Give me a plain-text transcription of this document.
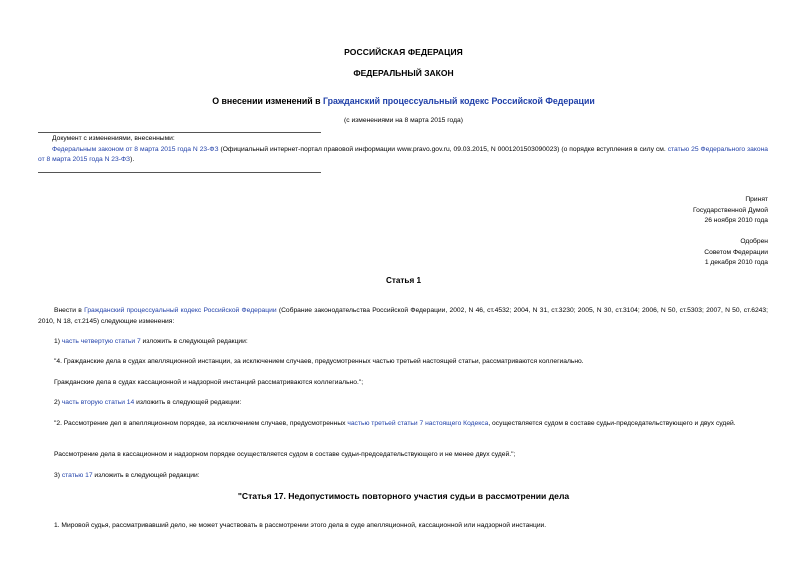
РОССИЙСКАЯ ФЕДЕРАЦИЯ
ФЕДЕРАЛЬНЫЙ ЗАКОН
О внесении изменений в Гражданский процессуальный кодекс Российской Федерации
(с изменениями на 8 марта 2015 года)
Документ с изменениями, внесенными:
Федеральным законом от 8 марта 2015 года N 23-ФЗ (Официальный интернет-портал правовой информации www.pravo.gov.ru, 09.03.2015, N 0001201503090023) (о порядке вступления в силу см. статью 25 Федерального закона от 8 марта 2015 года N 23-ФЗ).
Принят
Государственной Думой
26 ноября 2010 года
Одобрен
Советом Федерации
1 декабря 2010 года
Статья 1
Внести в Гражданский процессуальный кодекс Российской Федерации (Собрание законодательства Российской Федерации, 2002, N 46, ст.4532; 2004, N 31, ст.3230; 2005, N 30, ст.3104; 2006, N 50, ст.5303; 2007, N 50, ст.6243; 2010, N 18, ст.2145) следующие изменения:
1) часть четвертую статьи 7 изложить в следующей редакции:
"4. Гражданские дела в судах апелляционной инстанции, за исключением случаев, предусмотренных частью третьей настоящей статьи, рассматриваются коллегиально.
Гражданские дела в судах кассационной и надзорной инстанций рассматриваются коллегиально.";
2) часть вторую статьи 14 изложить в следующей редакции:
"2. Рассмотрение дел в апелляционном порядке, за исключением случаев, предусмотренных частью третьей статьи 7 настоящего Кодекса, осуществляется судом в составе судьи-председательствующего и двух судей.
Рассмотрение дела в кассационном и надзорном порядке осуществляется судом в составе судьи-председательствующего и не менее двух судей.";
3) статью 17 изложить в следующей редакции:
"Статья 17. Недопустимость повторного участия судьи в рассмотрении дела
1. Мировой судья, рассматривавший дело, не может участвовать в рассмотрении этого дела в суде апелляционной, кассационной или надзорной инстанции.
